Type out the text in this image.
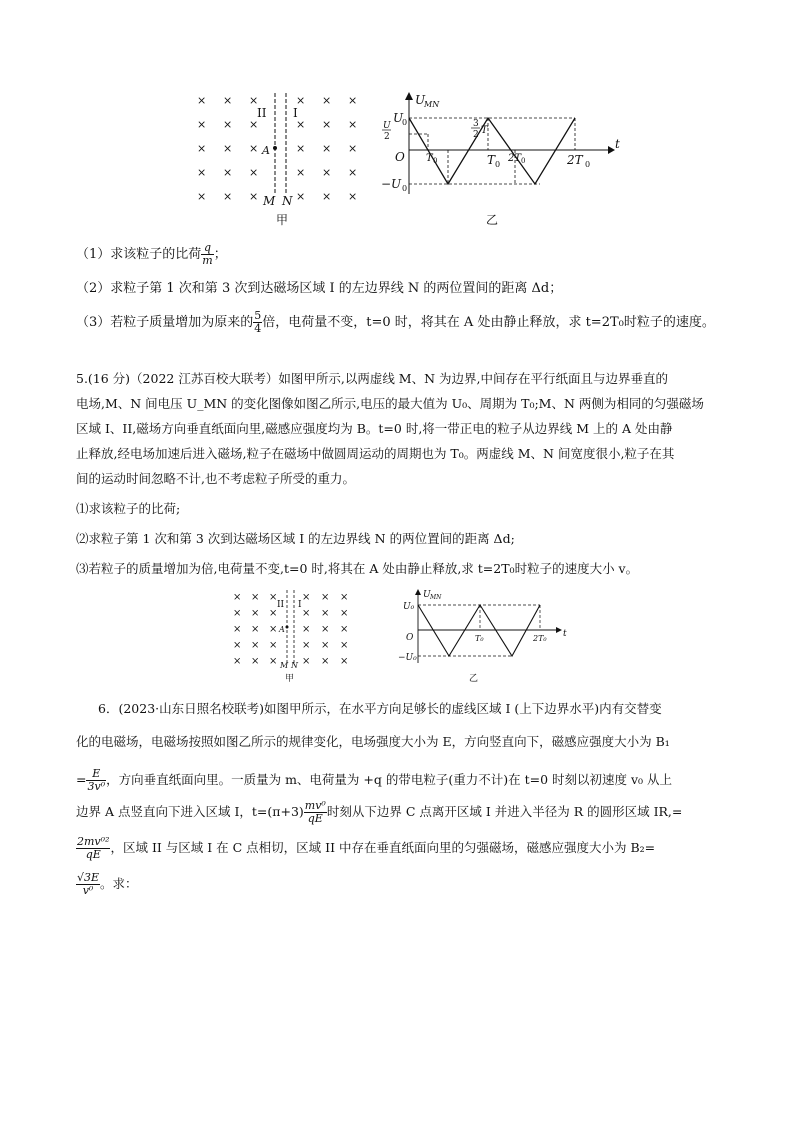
× × ×
× × ×
× × ×
× × ×
× × ×
× × ×
× × ×
× × ×
× × ×
× × ×
II I
A
M N
甲
U
MN
t
U
0
U
2
O T 0
3
2 T
T 0
2T 0	2T 0
−U 0
乙
（1）求该粒子的比荷 $\frac{q}{m}$ ；
（2）求粒子第 1 次和第 3 次到达磁场区域 I 的左边界线 N 的两位置间的距离 Δd；
（3）若粒子质量增加为原来的 $\frac{5}{4}$ 倍，电荷量不变，t=0 时，将其在 A 处由静止释放，求 t=2T₀时粒子的速度。
5.(16 分)（2022 江苏百校大联考）如图甲所示,以两虚线 M、N 为边界,中间存在平行纸面且与边界垂直的
电场,M、N 间电压 U_MN 的变化图像如图乙所示,电压的最大值为 U₀、周期为 T₀;M、N 两侧为相同的匀强磁场
区域 I、II,磁场方向垂直纸面向里,磁感应强度均为 B。t=0 时,将一带正电的粒子从边界线 M 上的 A 处由静
止释放,经电场加速后进入磁场,粒子在磁场中做圆周运动的周期也为 T₀。两虚线 M、N 间宽度很小,粒子在其
间的运动时间忽略不计,也不考虑粒子所受的重力。
⑴求该粒子的比荷;
⑵求粒子第 1 次和第 3 次到达磁场区域 I 的左边界线 N 的两位置间的距离 Δd;
⑶若粒子的质量增加为倍,电荷量不变,t=0 时,将其在 A 处由静止释放,求 t=2T₀时粒子的速度大小 v。
× × ×
× × ×
× × ×
× × ×
× × ×
× × ×
× × ×
× × ×
× × ×
× × ×
II I
A
M N
甲
U MN
t
U₀
O	T₀	2T₀
−U₀
乙
6．(2023·山东日照名校联考)如图甲所示，在水平方向足够长的虚线区域 I (上下边界水平)内有交替变
化的电磁场，电磁场按照如图乙所示的规律变化，电场强度大小为 E，方向竖直向下，磁感应强度大小为 B₁
= $\frac{E}{\text{3v⁰}}$ ，方向垂直纸面向里。一质量为 m、电荷量为 +q 的带电粒子(重力不计)在 t=0 时刻以初速度 v₀ 从上
边界 A 点竖直向下进入区域 I，$t=(\pi+3) \frac{\text{mv⁰}}{qE}$ 时刻从下边界 C 点离开区域 I 并进入半径为 R 的圆形区域 IR,=
$\frac{\text{2mv⁰²}}{qE}$ ，区域 II 与区域 I 在 C 点相切，区域 II 中存在垂直纸面向里的匀强磁场，磁感应强度大小为 B₂=
$\frac{√3E}{\text{v⁰}}$ 。求：
